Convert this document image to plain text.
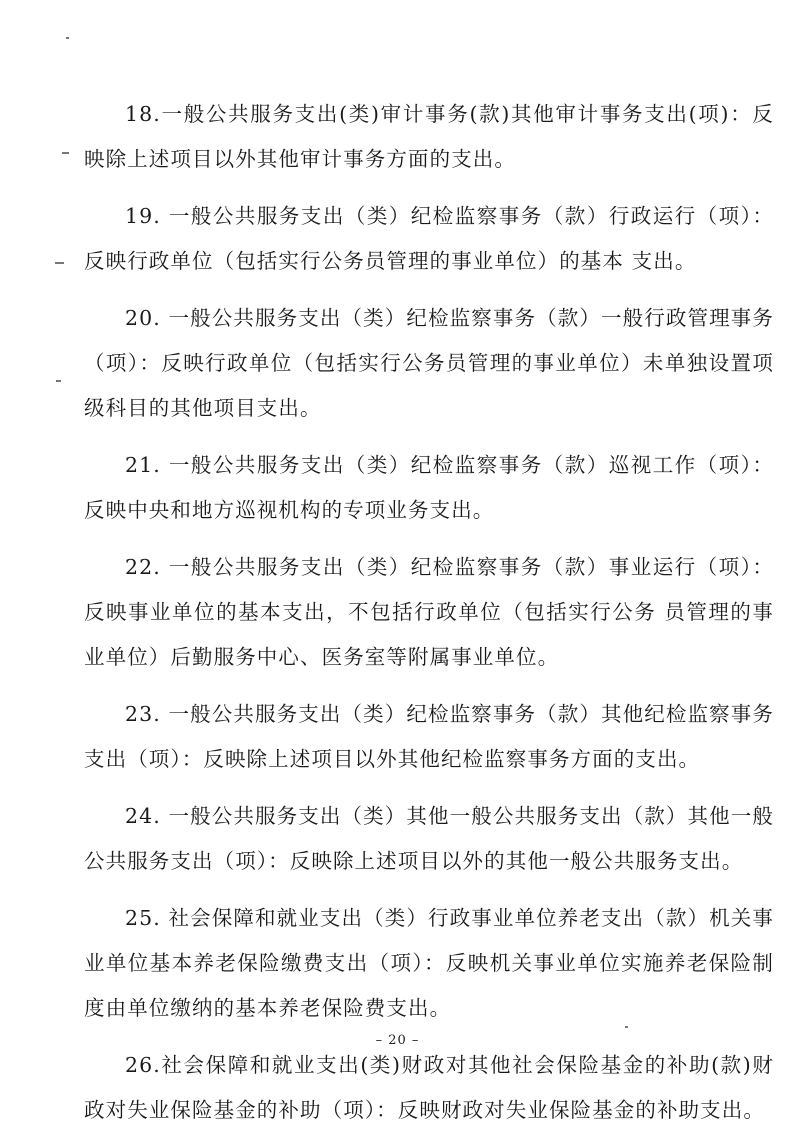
18.一般公共服务支出(类)审计事务(款)其他审计事务支出(项)：反映除上述项目以外其他审计事务方面的支出。

19. 一般公共服务支出（类）纪检监察事务（款）行政运行（项）：反映行政单位（包括实行公务员管理的事业单位）的基本 支出。

20. 一般公共服务支出（类）纪检监察事务（款）一般行政管理事务（项）：反映行政单位（包括实行公务员管理的事业单位）未单独设置项级科目的其他项目支出。

21. 一般公共服务支出（类）纪检监察事务（款）巡视工作（项）：反映中央和地方巡视机构的专项业务支出。

22. 一般公共服务支出（类）纪检监察事务（款）事业运行（项）：反映事业单位的基本支出，不包括行政单位（包括实行公务 员管理的事业单位）后勤服务中心、医务室等附属事业单位。

23. 一般公共服务支出（类）纪检监察事务（款）其他纪检监察事务支出（项）：反映除上述项目以外其他纪检监察事务方面的支出。

24. 一般公共服务支出（类）其他一般公共服务支出（款）其他一般公共服务支出（项）：反映除上述项目以外的其他一般公共服务支出。

25. 社会保障和就业支出（类）行政事业单位养老支出（款）机关事业单位基本养老保险缴费支出（项）：反映机关事业单位实施养老保险制度由单位缴纳的基本养老保险费支出。

26.社会保障和就业支出(类)财政对其他社会保险基金的补助(款)财政对失业保险基金的补助（项）：反映财政对失业保险基金的补助支出。

– 20 –
